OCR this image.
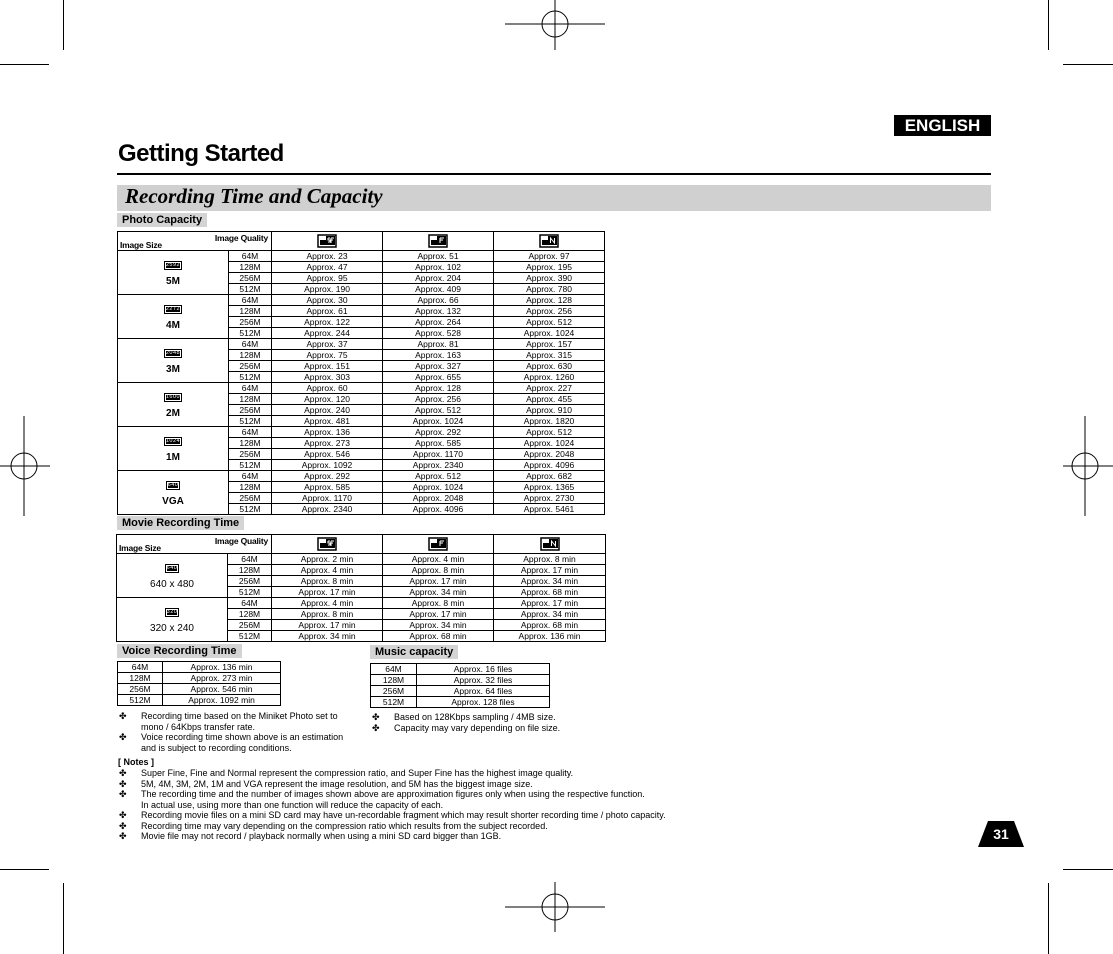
ENGLISH
Getting Started
Recording Time and Capacity
Photo Capacity
Movie Recording Time
Voice Recording Time	Music capacity
Image Quality
Image Size

2592
5M	64M	Approx. 23	Approx. 51	Approx. 97
	128M	Approx. 47	Approx. 102	Approx. 195
	256M	Approx. 95	Approx. 204	Approx. 390
	512M	Approx. 190	Approx. 409	Approx. 780
2272
4M	64M	Approx. 30	Approx. 66	Approx. 128
	128M	Approx. 61	Approx. 132	Approx. 256
	256M	Approx. 122	Approx. 264	Approx. 512
	512M	Approx. 244	Approx. 528	Approx. 1024
2048
3M	64M	Approx. 37	Approx. 81	Approx. 157
	128M	Approx. 75	Approx. 163	Approx. 315
	256M	Approx. 151	Approx. 327	Approx. 630
	512M	Approx. 303	Approx. 655	Approx. 1260
1600
2M	64M	Approx. 60	Approx. 128	Approx. 227
	128M	Approx. 120	Approx. 256	Approx. 455
	256M	Approx. 240	Approx. 512	Approx. 910
	512M	Approx. 481	Approx. 1024	Approx. 1820
1024
1M	64M	Approx. 136	Approx. 292	Approx. 512
	128M	Approx. 273	Approx. 585	Approx. 1024
	256M	Approx. 546	Approx. 1170	Approx. 2048
	512M	Approx. 1092	Approx. 2340	Approx. 4096
640
VGA	64M	Approx. 292	Approx. 512	Approx. 682
	128M	Approx. 585	Approx. 1024	Approx. 1365
	256M	Approx. 1170	Approx. 2048	Approx. 2730
	512M	Approx. 2340	Approx. 4096	Approx. 5461
Image Quality
Image Size

640
640 x 480	64M	Approx. 2 min	Approx. 4 min	Approx. 8 min
	128M	Approx. 4 min	Approx. 8 min	Approx. 17 min
	256M	Approx. 8 min	Approx. 17 min	Approx. 34 min
	512M	Approx. 17 min	Approx. 34 min	Approx. 68 min
320
320 x 240	64M	Approx. 4 min	Approx. 8 min	Approx. 17 min
	128M	Approx. 8 min	Approx. 17 min	Approx. 34 min
	256M	Approx. 17 min	Approx. 34 min	Approx. 68 min
	512M	Approx. 34 min	Approx. 68 min	Approx. 136 min
64M	Approx. 136 min
128M	Approx. 273 min
256M	Approx. 546 min
512M	Approx. 1092 min
64M	Approx. 16 files
128M	Approx. 32 files
256M	Approx. 64 files
512M	Approx. 128 files
✤ Recording time based on the Miniket Photo set to
mono / 64Kbps transfer rate.
✤ Voice recording time shown above is an estimation
and is subject to recording conditions.
✤ Based on 128Kbps sampling / 4MB size.
✤ Capacity may vary depending on file size.
[ Notes ]
✤ Super Fine, Fine and Normal represent the compression ratio, and Super Fine has the highest image quality.
✤ 5M, 4M, 3M, 2M, 1M and VGA represent the image resolution, and 5M has the biggest image size.
✤ The recording time and the number of images shown above are approximation figures only when using the respective function.
In actual use, using more than one function will reduce the capacity of each.
✤ Recording movie files on a mini SD card may have un-recordable fragment which may result shorter recording time / photo capacity.
✤ Recording time may vary depending on the compression ratio which results from the subject recorded.
✤ Movie file may not record / playback normally when using a mini SD card bigger than 1GB.	31
